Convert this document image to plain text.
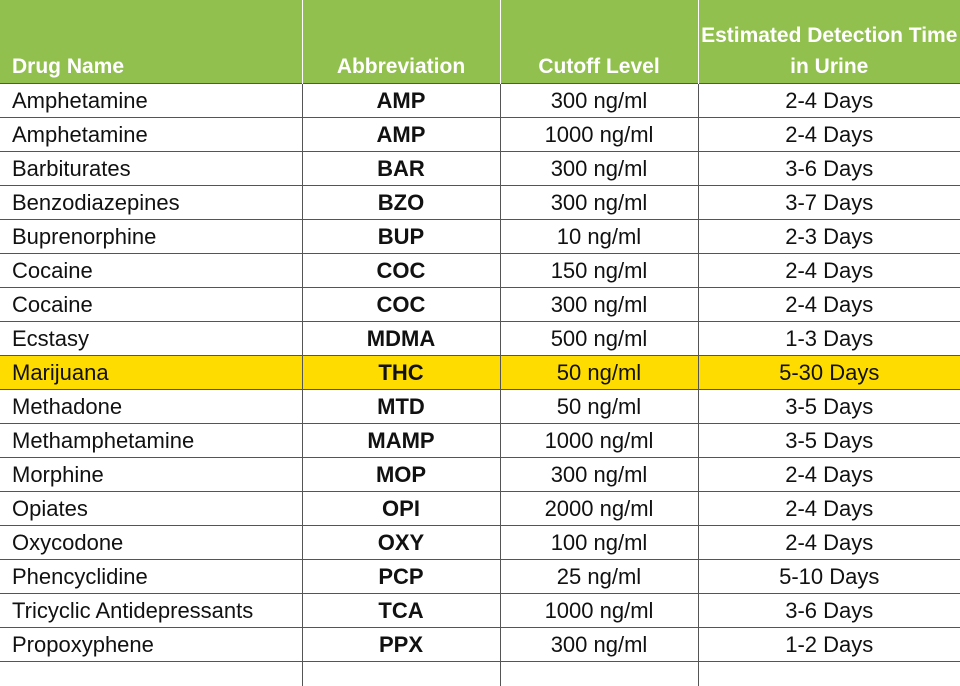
Drug Name	Abbreviation	Cutoff Level	Estimated Detection Time in Urine
Amphetamine	AMP	300 ng/ml	2-4 Days
Amphetamine	AMP	1000 ng/ml	2-4 Days
Barbiturates	BAR	300 ng/ml	3-6 Days
Benzodiazepines	BZO	300 ng/ml	3-7 Days
Buprenorphine	BUP	10 ng/ml	2-3 Days
Cocaine	COC	150 ng/ml	2-4 Days
Cocaine	COC	300 ng/ml	2-4 Days
Ecstasy	MDMA	500 ng/ml	1-3 Days
Marijuana	THC	50 ng/ml	5-30 Days
Methadone	MTD	50 ng/ml	3-5 Days
Methamphetamine	MAMP	1000 ng/ml	3-5 Days
Morphine	MOP	300 ng/ml	2-4 Days
Opiates	OPI	2000 ng/ml	2-4 Days
Oxycodone	OXY	100 ng/ml	2-4 Days
Phencyclidine	PCP	25 ng/ml	5-10 Days
Tricyclic Antidepressants	TCA	1000 ng/ml	3-6 Days
Propoxyphene	PPX	300 ng/ml	1-2 Days
